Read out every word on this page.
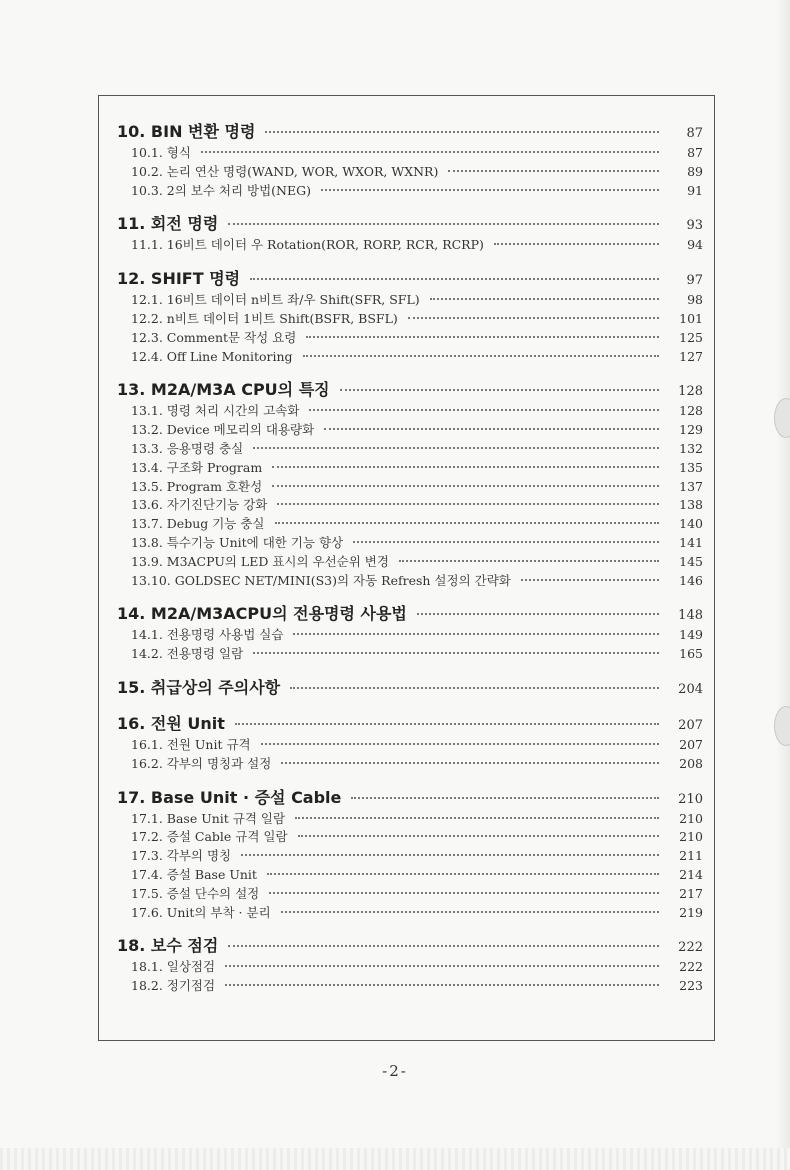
10. BIN 변환 명령	87
10.1. 형식	87
10.2. 논리 연산 명령(WAND, WOR, WXOR, WXNR)	89
10.3. 2의 보수 처리 방법(NEG)	91
11. 회전 명령	93
11.1. 16비트 데이터 우 Rotation(ROR, RORP, RCR, RCRP)	94
12. SHIFT 명령	97
12.1. 16비트 데이터 n비트 좌/우 Shift(SFR, SFL)	98
12.2. n비트 데이터 1비트 Shift(BSFR, BSFL)	101
12.3. Comment문 작성 요령	125
12.4. Off Line Monitoring	127
13. M2A/M3A CPU의 특징	128
13.1. 명령 처리 시간의 고속화	128
13.2. Device 메모리의 대용량화	129
13.3. 응용명령 충실	132
13.4. 구조화 Program	135
13.5. Program 호환성	137
13.6. 자기진단기능 강화	138
13.7. Debug 기능 충실	140
13.8. 특수기능 Unit에 대한 기능 향상	141
13.9. M3ACPU의 LED 표시의 우선순위 변경	145
13.10. GOLDSEC NET/MINI(S3)의 자동 Refresh 설정의 간략화	146
14. M2A/M3ACPU의 전용명령 사용법	148
14.1. 전용명령 사용법 실습	149
14.2. 전용명령 일람	165
15. 취급상의 주의사항	204
16. 전원 Unit	207
16.1. 전원 Unit 규격	207
16.2. 각부의 명칭과 설정	208
17. Base Unit · 증설 Cable	210
17.1. Base Unit 규격 일람	210
17.2. 증설 Cable 규격 일람	210
17.3. 각부의 명칭	211
17.4. 증설 Base Unit	214
17.5. 증설 단수의 설정	217
17.6. Unit의 부착 · 분리	219
18. 보수 점검	222
18.1. 일상점검	222
18.2. 정기점검	223
-2-
